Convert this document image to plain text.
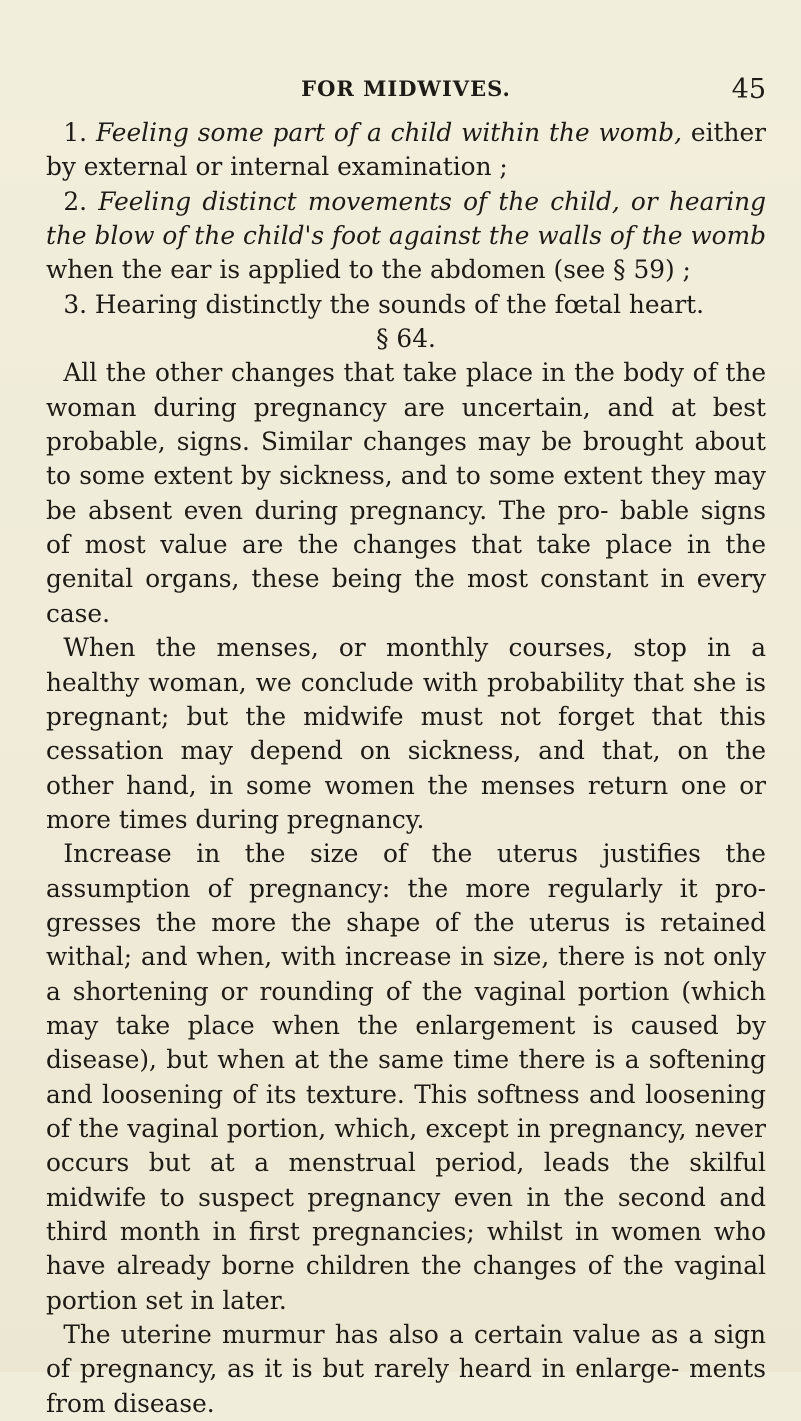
FOR MIDWIVES.	45

1. Feeling some part of a child within the womb, either by external or internal examination ;

2. Feeling distinct movements of the child, or hearing the blow of the child's foot against the walls of the womb when the ear is applied to the abdomen (see § 59) ;

3. Hearing distinctly the sounds of the fœtal heart.

§ 64.

All the other changes that take place in the body of the woman during pregnancy are uncertain, and at best probable, signs. Similar changes may be brought about to some extent by sickness, and to some extent they may be absent even during pregnancy. The pro- bable signs of most value are the changes that take place in the genital organs, these being the most constant in every case.

When the menses, or monthly courses, stop in a healthy woman, we conclude with probability that she is pregnant; but the midwife must not forget that this cessation may depend on sickness, and that, on the other hand, in some women the menses return one or more times during pregnancy.

Increase in the size of the uterus justifies the assumption of pregnancy: the more regularly it pro- gresses the more the shape of the uterus is retained withal; and when, with increase in size, there is not only a shortening or rounding of the vaginal portion (which may take place when the enlargement is caused by disease), but when at the same time there is a softening and loosening of its texture. This softness and loosening of the vaginal portion, which, except in pregnancy, never occurs but at a menstrual period, leads the skilful midwife to suspect pregnancy even in the second and third month in first pregnancies; whilst in women who have already borne children the changes of the vaginal portion set in later.

The uterine murmur has also a certain value as a sign of pregnancy, as it is but rarely heard in enlarge- ments from disease.
